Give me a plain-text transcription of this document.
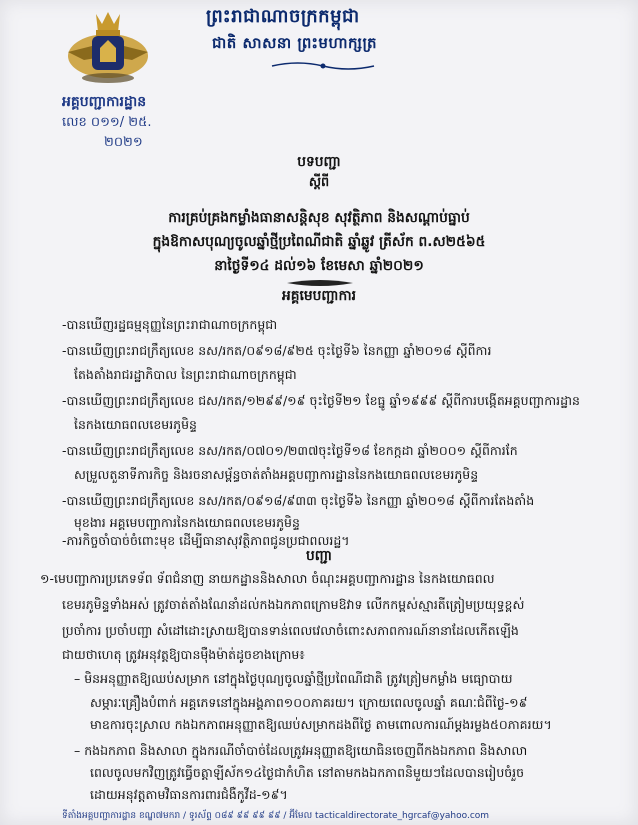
ព្រះរាជាណាចក្រកម្ពុជា
ជាតិ សាសនា ព្រះមហាក្សត្រ
អគ្គបញ្ជាការដ្ឋាន
លេខ ០១១/ ២៥.
២០២១
បទបញ្ជា
ស្តីពី
ការគ្រប់គ្រងកម្លាំងធានាសន្តិសុខ សុវត្ថិភាព និងសណ្តាប់ធ្នាប់
ក្នុងឱកាសបុណ្យចូលឆ្នាំថ្មីប្រពៃណីជាតិ ឆ្នាំឆ្លូវ ត្រីស័ក ព.ស២៥៦៥
នាថ្ងៃទី១៤ ដល់១៦ ខែមេសា ឆ្នាំ២០២១
អគ្គមេបញ្ជាការ
-បានឃើញរដ្ឋធម្មនុញ្ញនៃព្រះរាជាណាចក្រកម្ពុជា
-បានឃើញព្រះរាជក្រឹត្យលេខ នស/រកត/០៩១៨/៩២៥ ចុះថ្ងៃទី៦ នៃកញ្ញា ឆ្នាំ២០១៨ ស្តីពីការ
តែងតាំងរាជរដ្ឋាភិបាល នៃព្រះរាជាណាចក្រកម្ពុជា
-បានឃើញព្រះរាជក្រឹត្យលេខ ជស/រកត/១២៩៩/១៩ ចុះថ្ងៃទី២១ ខែធ្នូ ឆ្នាំ១៩៩៩ ស្តីពីការបង្កើតអគ្គបញ្ជាការដ្ឋាន
នៃកងយោធពលខេមរភូមិន្ទ
-បានឃើញព្រះរាជក្រឹត្យលេខ នស/រកត/០៧០១/២៣៧ចុះថ្ងៃទី១៨ ខែកក្កដា ឆ្នាំ២០០១ ស្តីពីការកែ
សម្រួលតួនាទីភារកិច្ច និងរចនាសម្ព័ន្ធចាត់តាំងអគ្គបញ្ជាការដ្ឋាននៃកងយោធពលខេមរភូមិន្ទ
-បានឃើញព្រះរាជក្រឹត្យលេខ នស/រកត/០៩១៨/៩៣៣ ចុះថ្ងៃទី៦ នៃកញ្ញា ឆ្នាំ២០១៨ ស្តីពីការតែងតាំង
មុខងារ អគ្គមេបញ្ជាការនៃកងយោធពលខេមរភូមិន្ទ
-ភារកិច្ចចាំបាច់ចំពោះមុខ ដើម្បីធានាសុវត្ថិភាពជូនប្រជាពលរដ្ឋ។
បញ្ជា
១-មេបញ្ជាការប្រភេទទ័ព ទ័ពជំនាញ នាយកដ្ឋាននិងសាលា ចំណុះអគ្គបញ្ជាការដ្ឋាន នៃកងយោធពល
ខេមរភូមិន្ទទាំងអស់ ត្រូវចាត់តាំងណែនាំដល់កងឯកភាពក្រោមឱវាទ លើកកម្ពស់ស្មារតីត្រៀមប្រយុទ្ធខ្ពស់
ប្រចាំការ ប្រចាំបញ្ជា សំដៅដោះស្រាយឱ្យបានទាន់ពេលវេលាចំពោះសភាពការណ៍នានាដែលកើតឡើង
ជាយថាហេតុ ត្រូវអនុវត្តឱ្យបានម៉ឺងម៉ាត់ដូចខាងក្រោម៖
– មិនអនុញ្ញាតឱ្យឈប់សម្រាក នៅក្នុងថ្ងៃបុណ្យចូលឆ្នាំថ្មីប្រពៃណីជាតិ ត្រូវត្រៀមកម្លាំង មធ្យោបាយ
សម្ភារៈគ្រឿងបំពាក់ អគ្គភេទនៅក្នុងអង្គភាព១០០ភាគរយ។ ក្រោយពេលចូលឆ្នាំ គណៈជំពីថ្ងៃ-១៩
មាឧការចុះស្រាល កងឯកភាពអនុញ្ញាតឱ្យឈប់សម្រាកដងពីថ្ងៃ តាមពោលការណ៍ម្តងរម្លង៥០ភាគរយ។
– កងឯកភាព និងសាលា ក្នុងករណីចាំបាច់ដែលត្រូវអនុញ្ញាតឱ្យយោធិនចេញពីកងឯកភាព និងសាលា
ពេលចូលមកវិញត្រូវធ្វើចត្តាឡីស័ក១៤ថ្ងៃជាកំហិត នៅតាមកងឯកភាពនិមួយៗដែលបានរៀបចំរួច
ដោយអនុវត្តតាមវិធានការពារជំងឺកូវីដ-១៩។
ទីតាំងអគ្គបញ្ជាការដ្ឋាន ខណ្ឌ៧មករា / ទូរស័ព្ទ ០៨៩ ៩៩ ៩៩ ៩៩ / អ៊ីមែល tacticaldirectorate_hgrcaf@yahoo.com
